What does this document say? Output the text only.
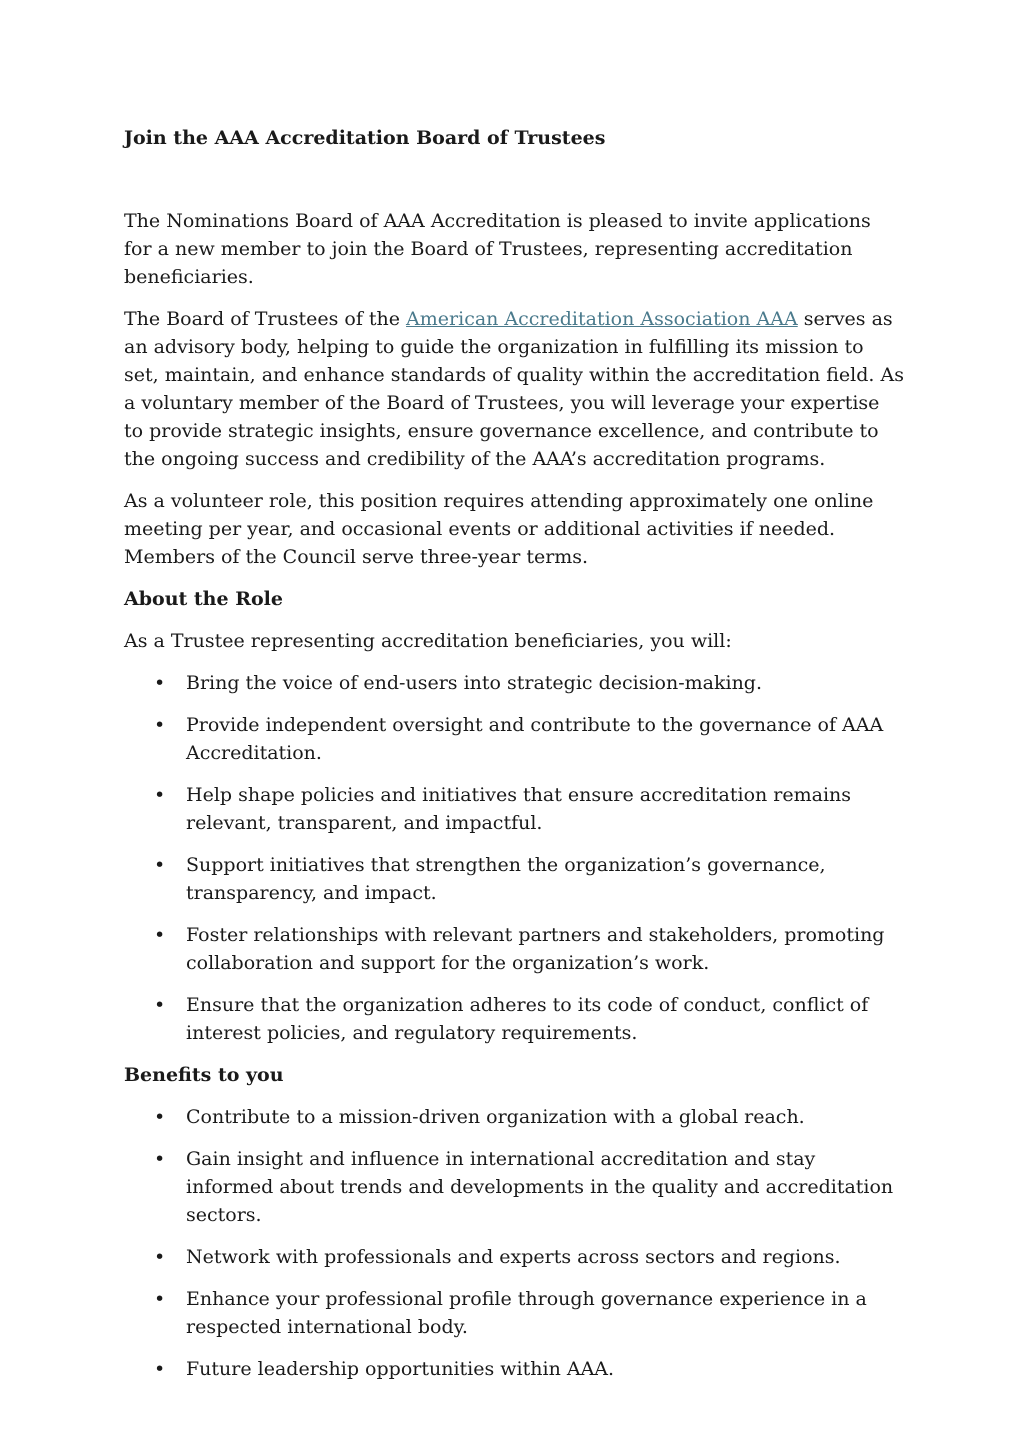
Join the AAA Accreditation Board of Trustees

The Nominations Board of AAA Accreditation is pleased to invite applications for a new member to join the Board of Trustees, representing accreditation beneficiaries.

The Board of Trustees of the American Accreditation Association AAA serves as an advisory body, helping to guide the organization in fulfilling its mission to set, maintain, and enhance standards of quality within the accreditation field. As a voluntary member of the Board of Trustees, you will leverage your expertise to provide strategic insights, ensure governance excellence, and contribute to the ongoing success and credibility of the AAA’s accreditation programs.

As a volunteer role, this position requires attending approximately one online meeting per year, and occasional events or additional activities if needed. Members of the Council serve three-year terms.

About the Role

As a Trustee representing accreditation beneficiaries, you will:

• Bring the voice of end-users into strategic decision-making.
• Provide independent oversight and contribute to the governance of AAA Accreditation.
• Help shape policies and initiatives that ensure accreditation remains relevant, transparent, and impactful.
• Support initiatives that strengthen the organization’s governance, transparency, and impact.
• Foster relationships with relevant partners and stakeholders, promoting collaboration and support for the organization’s work.
• Ensure that the organization adheres to its code of conduct, conflict of interest policies, and regulatory requirements.

Benefits to you

• Contribute to a mission-driven organization with a global reach.
• Gain insight and influence in international accreditation and stay informed about trends and developments in the quality and accreditation sectors.
• Network with professionals and experts across sectors and regions.
• Enhance your professional profile through governance experience in a respected international body.
• Future leadership opportunities within AAA.
